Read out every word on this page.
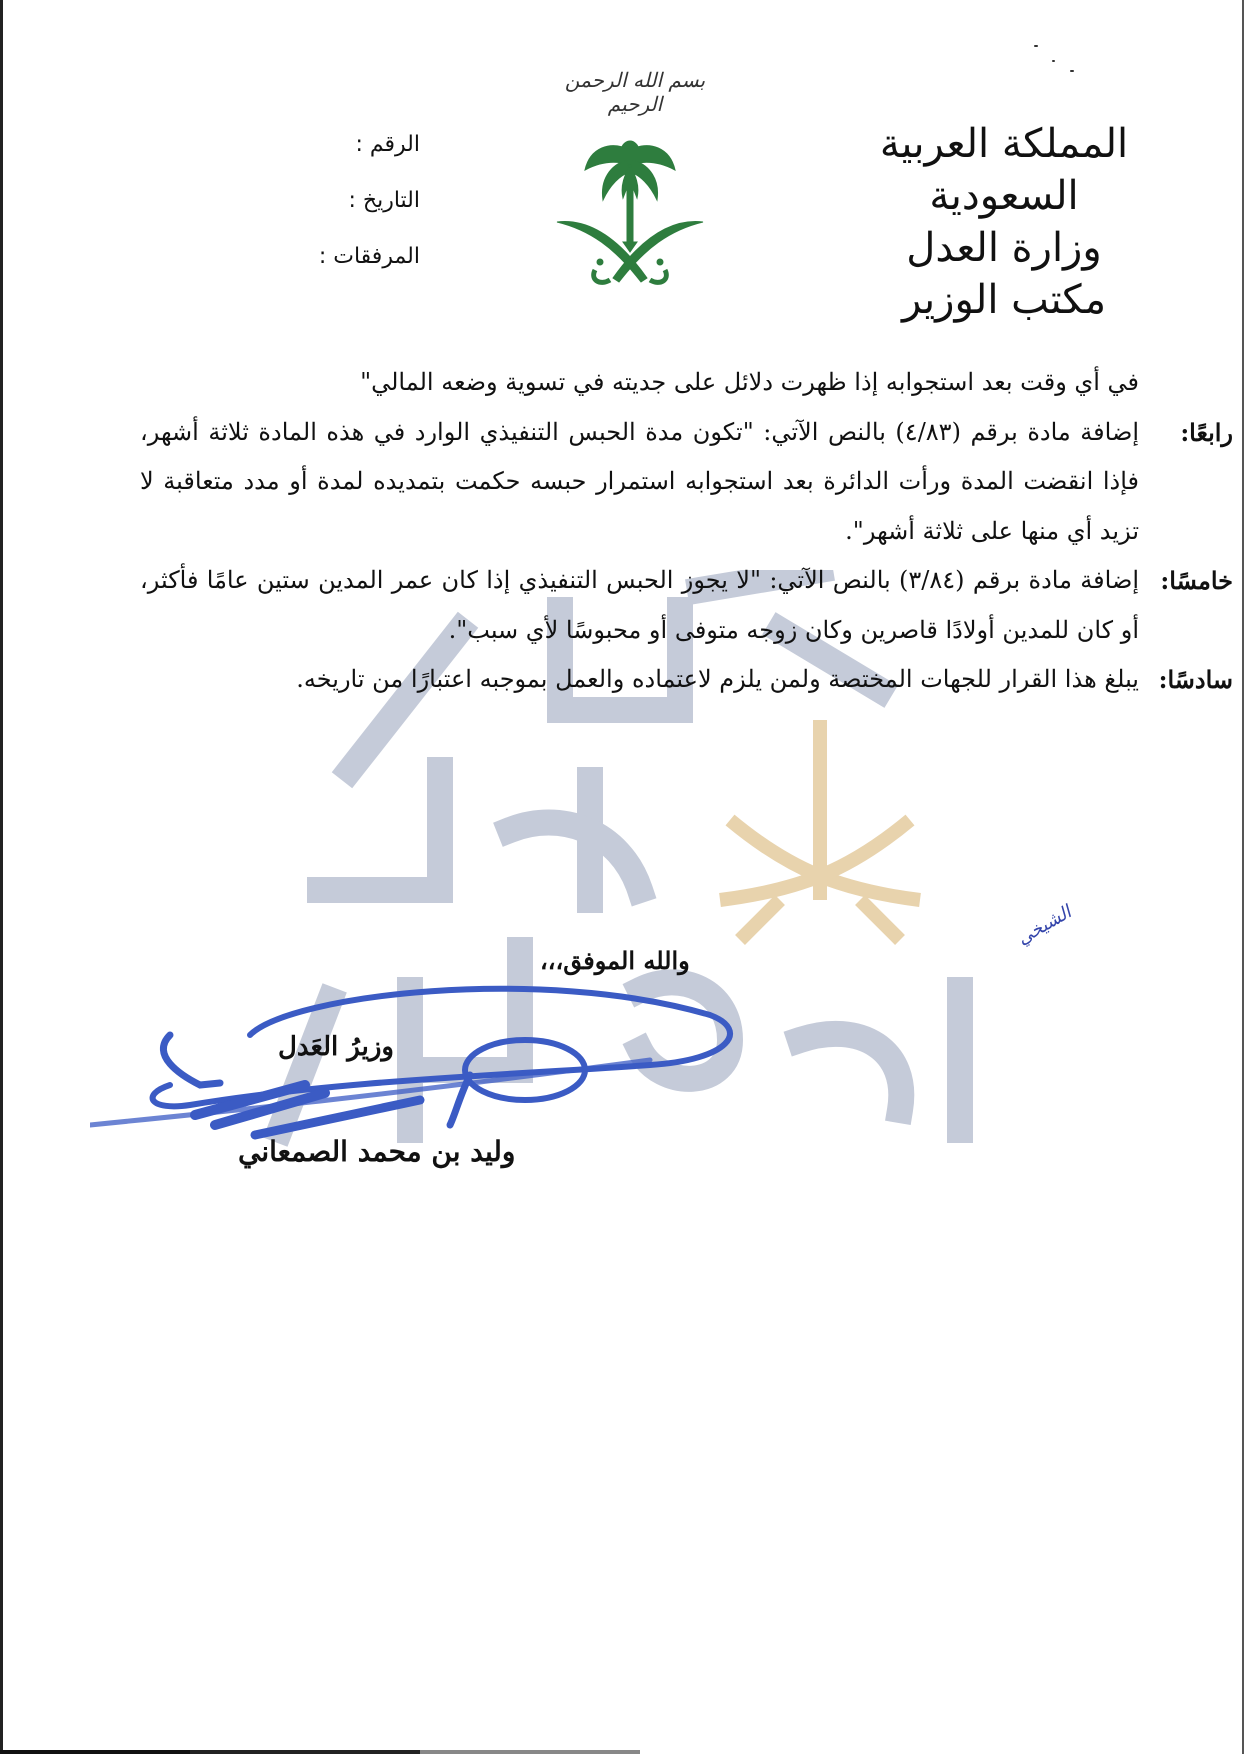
بسم الله الرحمن الرحيم
المملكة العربية السعودية
وزارة العدل
مكتب الوزير
الرقم :
التاريخ :
المرفقات :
في أي وقت بعد استجوابه إذا ظهرت دلائل على جديته في تسوية وضعه المالي"
رابعًا:
إضافة مادة برقم (٤/٨٣) بالنص الآتي: "تكون مدة الحبس التنفيذي الوارد في هذه المادة ثلاثة أشهر، فإذا انقضت المدة ورأت الدائرة بعد استجوابه استمرار حبسه حكمت بتمديده لمدة أو مدد متعاقبة لا تزيد أي منها على ثلاثة أشهر".
خامسًا:
إضافة مادة برقم (٣/٨٤) بالنص الآتي: "لا يجوز الحبس التنفيذي إذا كان عمر المدين ستين عامًا فأكثر، أو كان للمدين أولادًا قاصرين وكان زوجه متوفى أو محبوسًا لأي سبب".
سادسًا:
يبلغ هذا القرار للجهات المختصة ولمن يلزم لاعتماده والعمل بموجبه اعتبارًا من تاريخه.
الشيخي
والله الموفق،،،
وزيرُ العَدل
وليد بن محمد الصمعاني
